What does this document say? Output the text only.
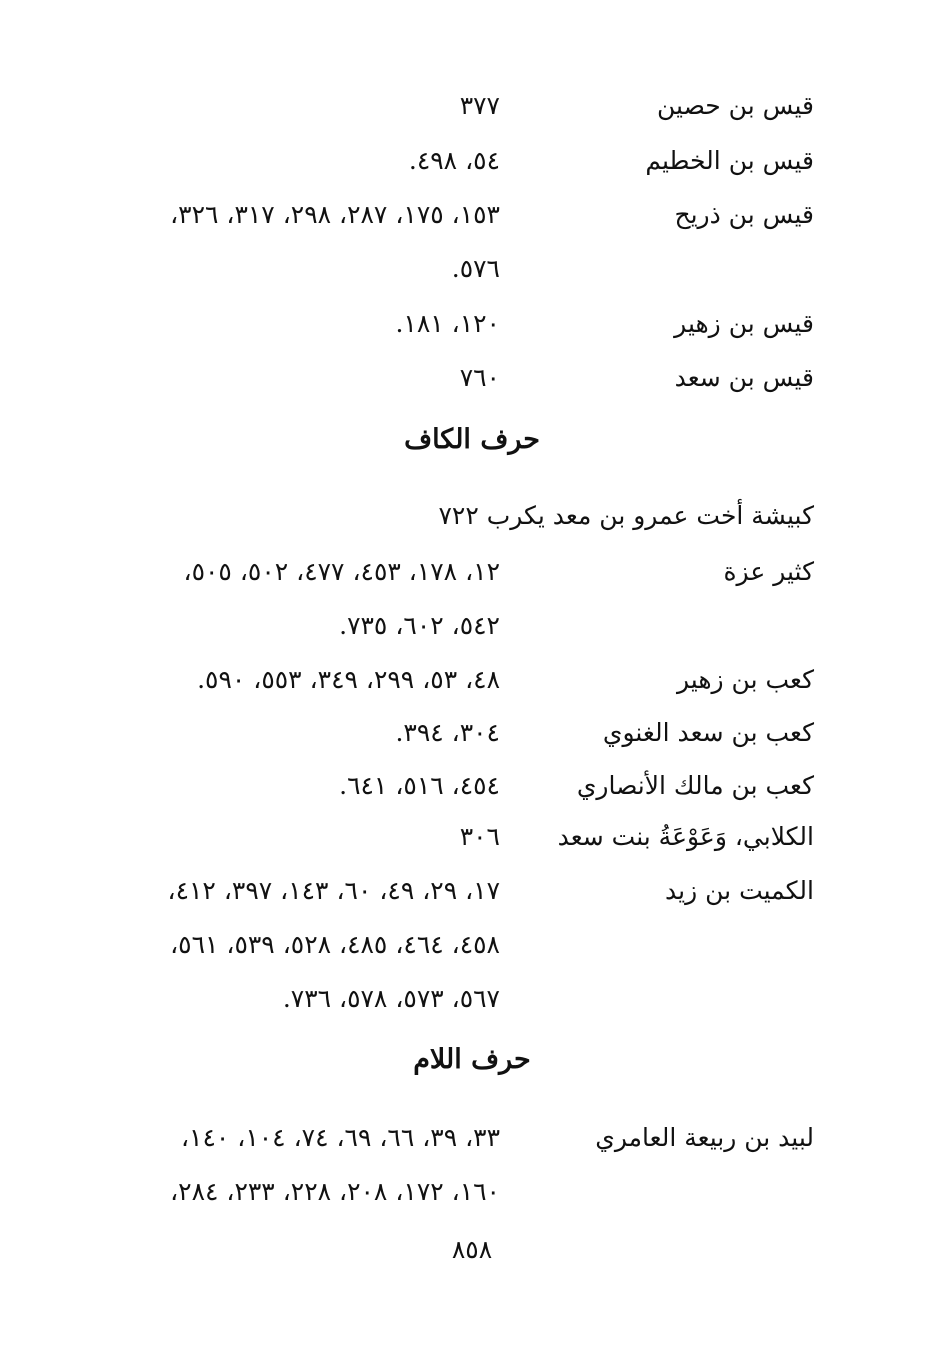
قيس بن حصين
٣٧٧
قيس بن الخطيم
٥٤، ٤٩٨.
قيس بن ذريح
١٥٣، ١٧٥، ٢٨٧، ٢٩٨، ٣١٧، ٣٢٦،
٥٧٦.
قيس بن زهير
١٢٠، ١٨١.
قيس بن سعد
٧٦٠
حرف الكاف
كبيشة أخت عمرو بن معد يكرب ٧٢٢
كثير عزة
١٢، ١٧٨، ٤٥٣، ٤٧٧، ٥٠٢، ٥٠٥،
٥٤٢، ٦٠٢، ٧٣٥.
كعب بن زهير
٤٨، ٥٣، ٢٩٩، ٣٤٩، ٥٥٣، ٥٩٠.
كعب بن سعد الغنوي
٣٠٤، ٣٩٤.
كعب بن مالك الأنصاري
٤٥٤، ٥١٦، ٦٤١.
الكلابي، وَعَوْعَةُ بنت سعد
٣٠٦
الكميت بن زيد
١٧، ٢٩، ٤٩، ٦٠، ١٤٣، ٣٩٧، ٤١٢،
٤٥٨، ٤٦٤، ٤٨٥، ٥٢٨، ٥٣٩، ٥٦١،
٥٦٧، ٥٧٣، ٥٧٨، ٧٣٦.
حرف اللام
لبيد بن ربيعة العامري
٣٣، ٣٩، ٦٦، ٦٩، ٧٤، ١٠٤، ١٤٠،
١٦٠، ١٧٢، ٢٠٨، ٢٢٨، ٢٣٣، ٢٨٤،
٨٥٨
